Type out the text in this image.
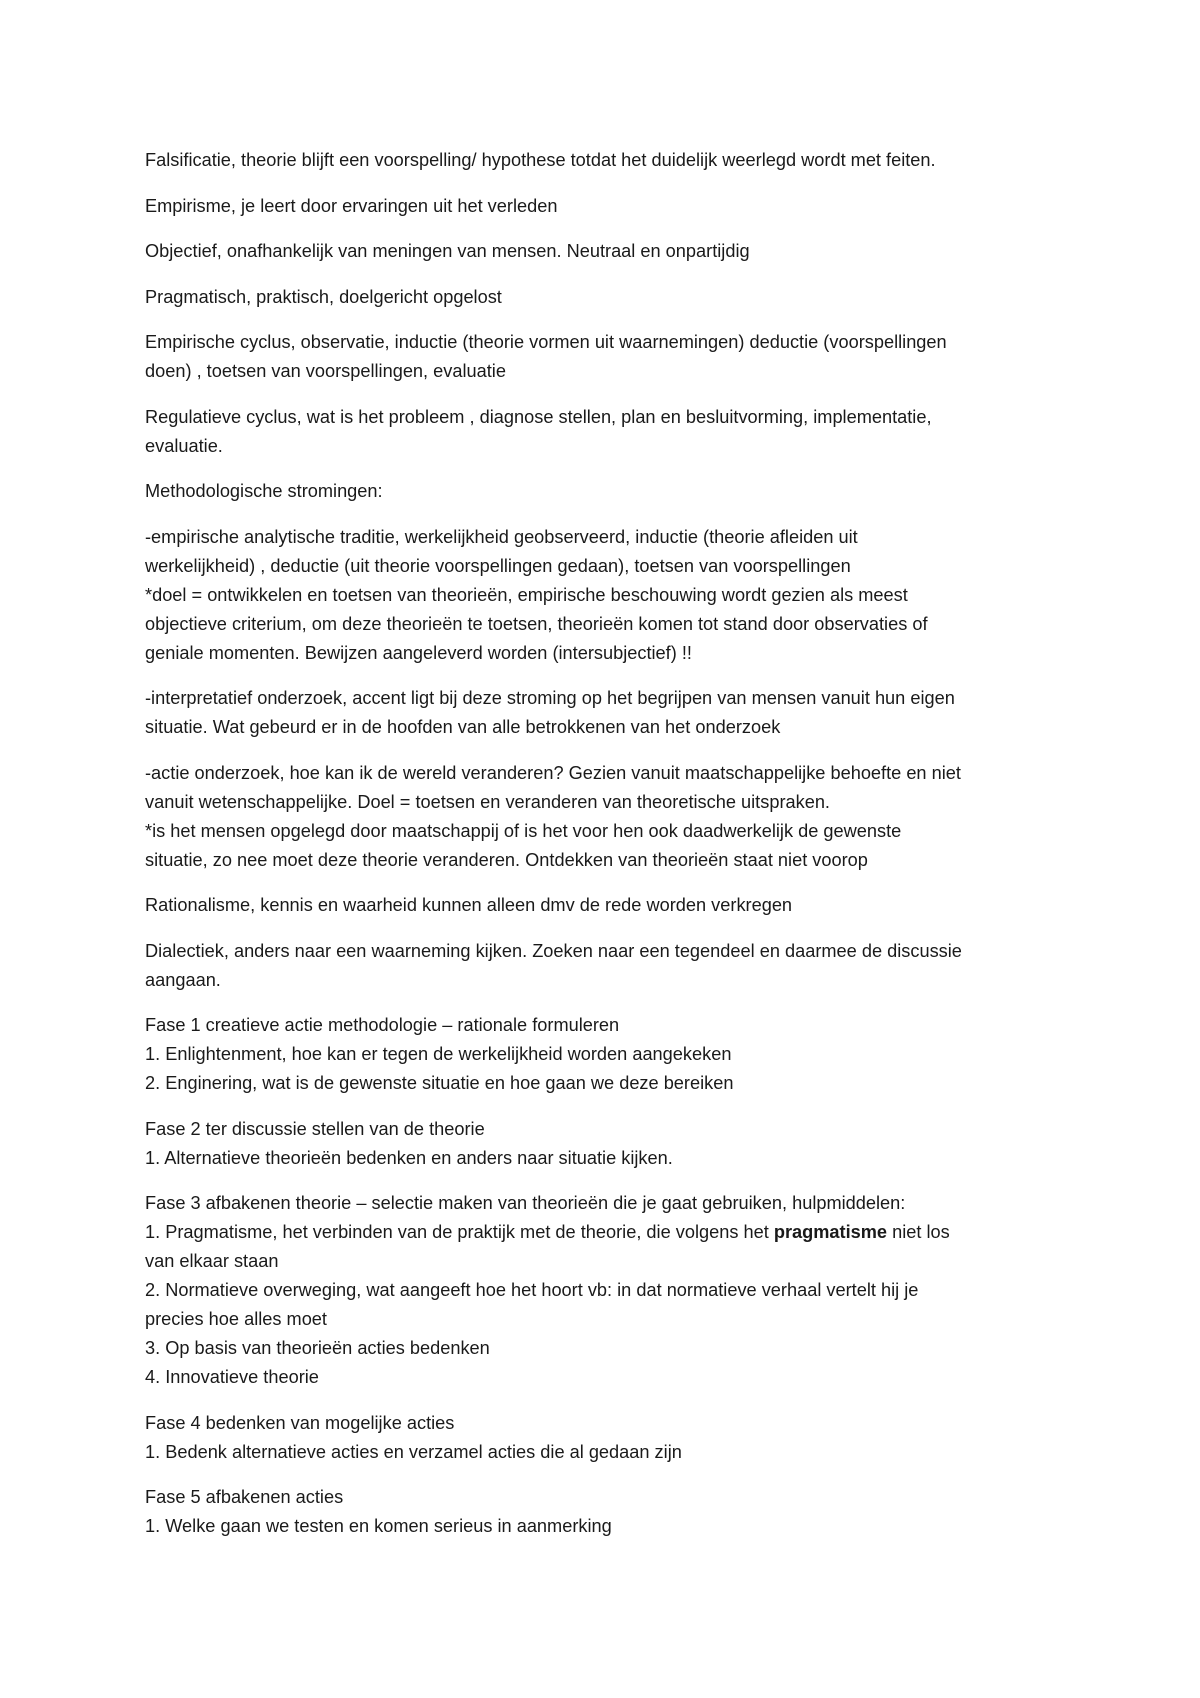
Falsificatie, theorie blijft een voorspelling/ hypothese totdat het duidelijk weerlegd wordt met feiten.
Empirisme, je leert door ervaringen uit het verleden
Objectief, onafhankelijk van meningen van mensen. Neutraal en onpartijdig
Pragmatisch, praktisch, doelgericht opgelost
Empirische cyclus, observatie, inductie (theorie vormen uit waarnemingen) deductie (voorspellingen
doen) , toetsen van voorspellingen, evaluatie
Regulatieve cyclus, wat is het probleem , diagnose stellen, plan en besluitvorming, implementatie,
evaluatie.
Methodologische stromingen:
-empirische analytische traditie, werkelijkheid geobserveerd, inductie (theorie afleiden uit
werkelijkheid) , deductie (uit theorie voorspellingen gedaan), toetsen van voorspellingen
*doel = ontwikkelen en toetsen van theorieën, empirische beschouwing wordt gezien als meest
objectieve criterium, om deze theorieën te toetsen, theorieën komen tot stand door observaties of
geniale momenten. Bewijzen aangeleverd worden (intersubjectief) !!
-interpretatief onderzoek, accent ligt bij deze stroming op het begrijpen van mensen vanuit hun eigen
situatie. Wat gebeurd er in de hoofden van alle betrokkenen van het onderzoek
-actie onderzoek, hoe kan ik de wereld veranderen? Gezien vanuit maatschappelijke behoefte en niet
vanuit wetenschappelijke. Doel = toetsen en veranderen van theoretische uitspraken.
*is het mensen opgelegd door maatschappij of is het voor hen ook daadwerkelijk de gewenste
situatie, zo nee moet deze theorie veranderen. Ontdekken van theorieën staat niet voorop
Rationalisme, kennis en waarheid kunnen alleen dmv de rede worden verkregen
Dialectiek, anders naar een waarneming kijken. Zoeken naar een tegendeel en daarmee de discussie
aangaan.
Fase 1 creatieve actie methodologie – rationale formuleren
1. Enlightenment, hoe kan er tegen de werkelijkheid worden aangekeken
2. Enginering, wat is de gewenste situatie en hoe gaan we deze bereiken
Fase 2 ter discussie stellen van de theorie
1. Alternatieve theorieën bedenken en anders naar situatie kijken.
Fase 3 afbakenen theorie – selectie maken van theorieën die je gaat gebruiken, hulpmiddelen:
1. Pragmatisme, het verbinden van de praktijk met de theorie, die volgens het pragmatisme niet los
van elkaar staan
2. Normatieve overweging, wat aangeeft hoe het hoort vb: in dat normatieve verhaal vertelt hij je
precies hoe alles moet
3. Op basis van theorieën acties bedenken
4. Innovatieve theorie
Fase 4 bedenken van mogelijke acties
1. Bedenk alternatieve acties en verzamel acties die al gedaan zijn
Fase 5 afbakenen acties
1. Welke gaan we testen en komen serieus in aanmerking
